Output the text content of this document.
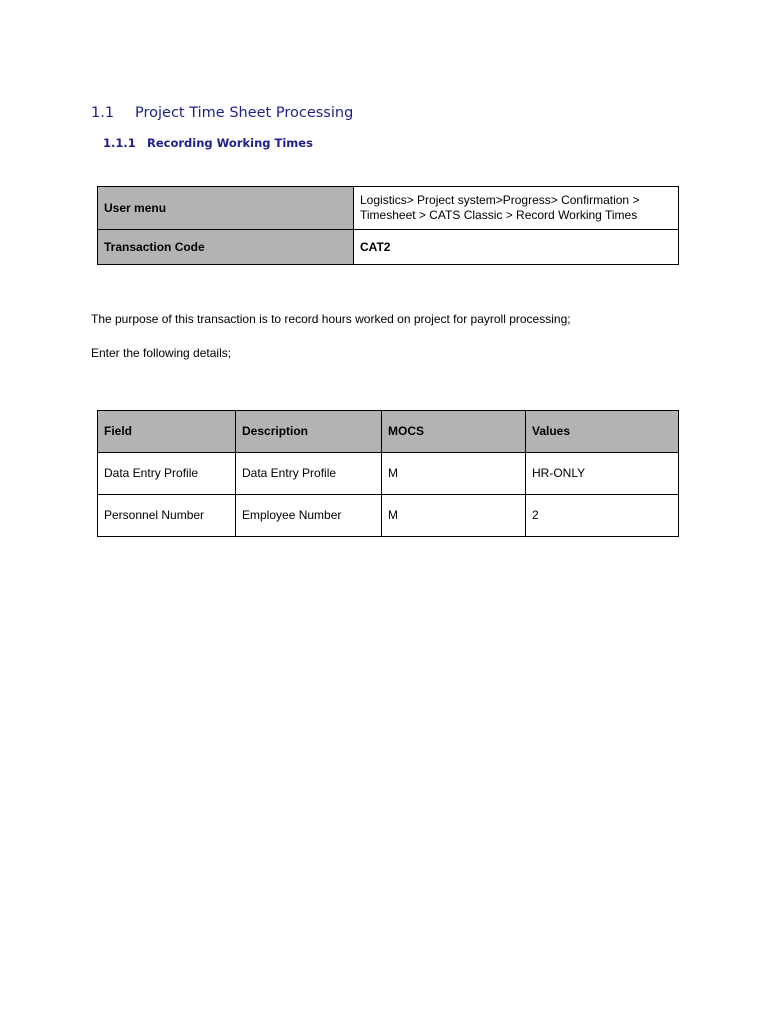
1.1 Project Time Sheet Processing
1.1.1 Recording Working Times
User menu	Logistics> Project system>Progress> Confirmation >
Timesheet > CATS Classic > Record Working Times

Transaction Code	CAT2
The purpose of this transaction is to record hours worked on project for payroll processing;
Enter the following details;
Field	Description	MOCS	Values
Data Entry Profile	Data Entry Profile	M	HR-ONLY
Personnel Number	Employee Number	M	2
